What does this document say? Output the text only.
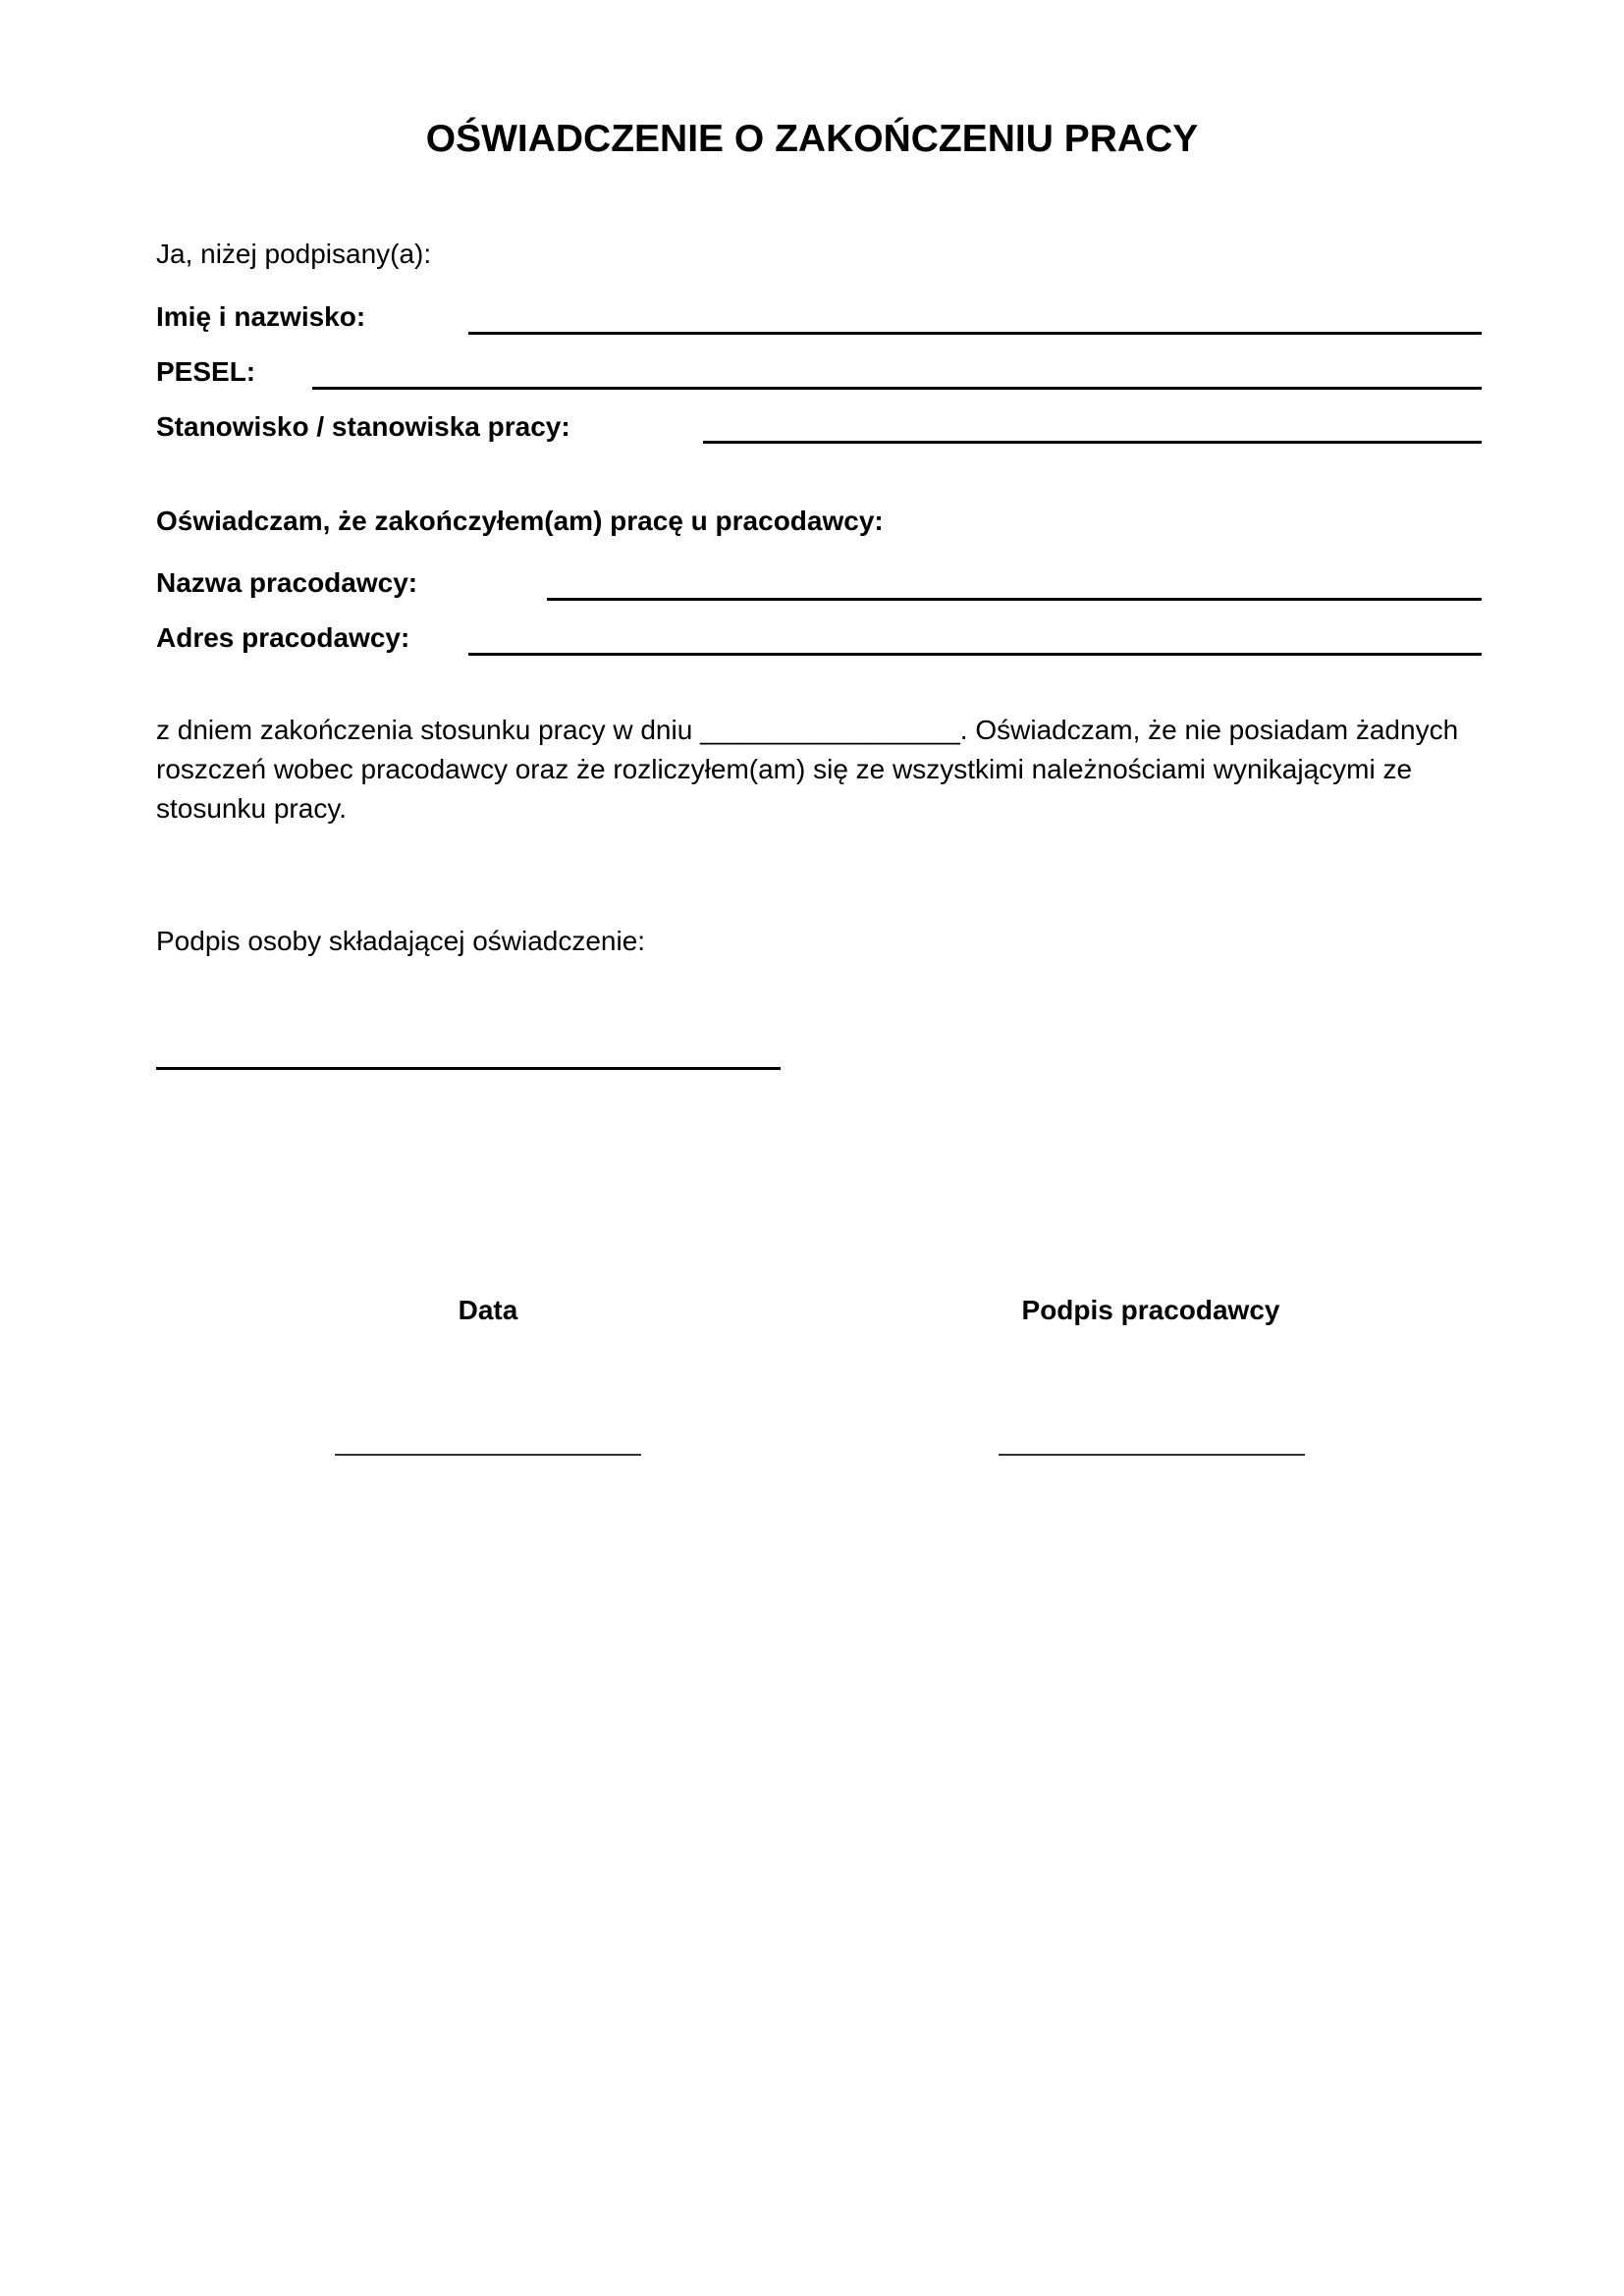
OŚWIADCZENIE O ZAKOŃCZENIU PRACY
Ja, niżej podpisany(a):
Imię i nazwisko:
PESEL:
Stanowisko / stanowiska pracy:
Oświadczam, że zakończyłem(am) pracę u pracodawcy:
Nazwa pracodawcy:
Adres pracodawcy:

z dniem zakończenia stosunku pracy w dniu _________________. Oświadczam, że nie posiadam żadnych

roszczeń wobec pracodawcy oraz że rozliczyłem(am) się ze wszystkimi należnościami wynikającymi ze

stosunku pracy.

Podpis osoby składającej oświadczenie:
Data	Podpis pracodawcy
